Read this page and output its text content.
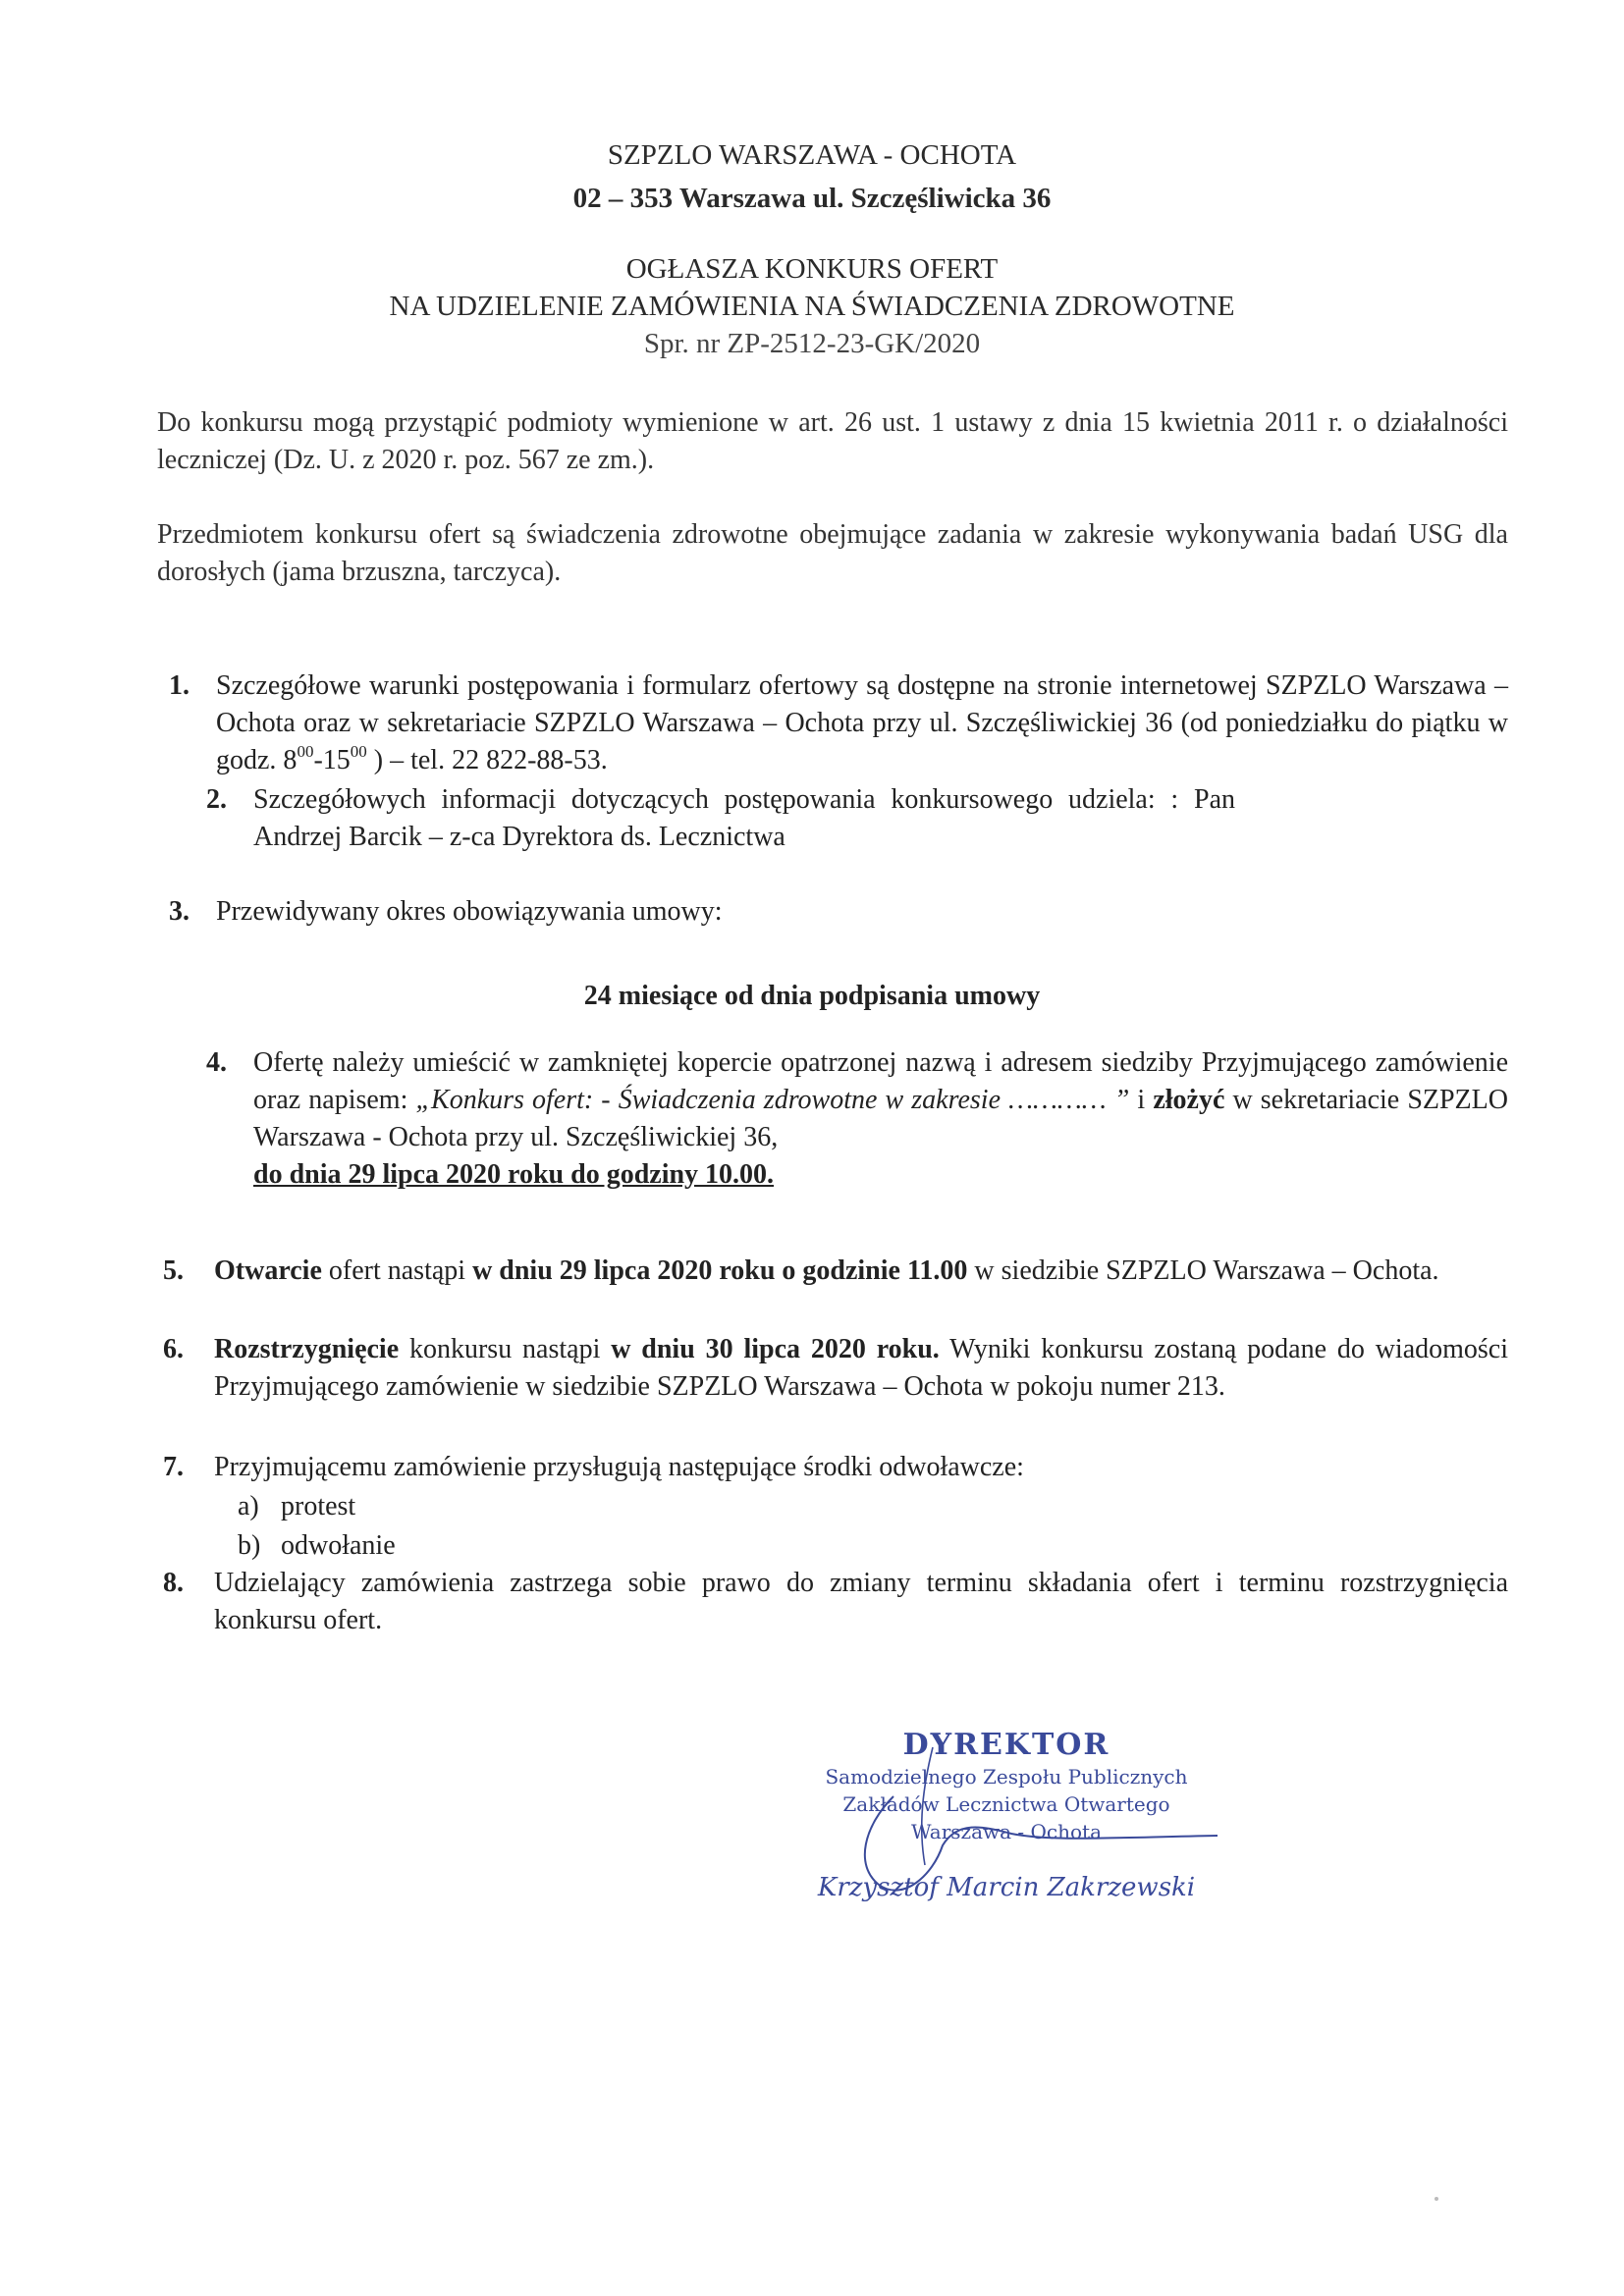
SZPZLO WARSZAWA - OCHOTA
02 – 353 Warszawa ul. Szczęśliwicka 36
OGŁASZA KONKURS OFERT
NA UDZIELENIE ZAMÓWIENIA NA ŚWIADCZENIA ZDROWOTNE
Spr. nr ZP-2512-23-GK/2020
Do konkursu mogą przystąpić podmioty wymienione w art. 26 ust. 1 ustawy z dnia 15 kwietnia 2011 r. o działalności leczniczej (Dz. U. z 2020 r. poz. 567 ze zm.).
Przedmiotem konkursu ofert są świadczenia zdrowotne obejmujące zadania w zakresie wykonywania badań USG dla dorosłych (jama brzuszna, tarczyca).
1. Szczegółowe warunki postępowania i formularz ofertowy są dostępne na stronie internetowej SZPZLO Warszawa – Ochota oraz w sekretariacie SZPZLO Warszawa – Ochota przy ul. Szczęśliwickiej 36 (od poniedziałku do piątku w godz. $8^{00}-15^{00}$ ) – tel. 22 822-88-53.
2. Szczegółowych informacji dotyczących postępowania konkursowego udziela: : Pan Andrzej Barcik – z-ca Dyrektora ds. Lecznictwa
3. Przewidywany okres obowiązywania umowy:
24 miesiące od dnia podpisania umowy
4. Ofertę należy umieścić w zamkniętej kopercie opatrzonej nazwą i adresem siedziby Przyjmującego zamówienie oraz napisem: „Konkurs ofert: - Świadczenia zdrowotne w zakresie ………… ” i złożyć w sekretariacie SZPZLO Warszawa - Ochota przy ul. Szczęśliwickiej 36,
do dnia 29 lipca 2020 roku do godziny 10.00.
5. Otwarcie ofert nastąpi w dniu 29 lipca 2020 roku o godzinie 11.00 w siedzibie SZPZLO Warszawa – Ochota.
6. Rozstrzygnięcie konkursu nastąpi w dniu 30 lipca 2020 roku. Wyniki konkursu zostaną podane do wiadomości Przyjmującego zamówienie w siedzibie SZPZLO Warszawa – Ochota w pokoju numer 213.
7. Przyjmującemu zamówienie przysługują następujące środki odwoławcze:
a) protest
b) odwołanie
8. Udzielający zamówienia zastrzega sobie prawo do zmiany terminu składania ofert i terminu rozstrzygnięcia konkursu ofert.
DYREKTOR
Samodzielnego Zespołu Publicznych
Zakładów Lecznictwa Otwartego
Warszawa - Ochota
Krzysztof Marcin Zakrzewski
